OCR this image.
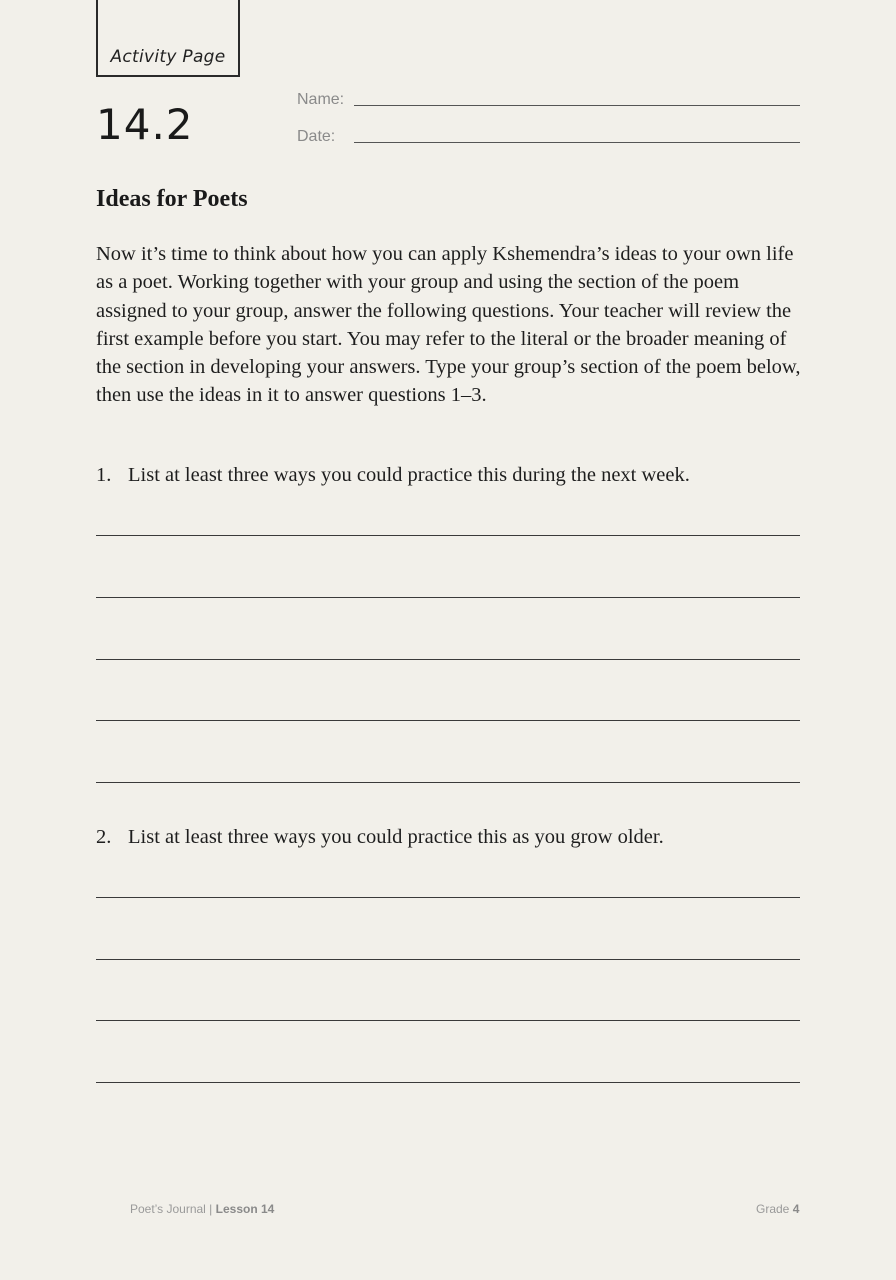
Activity Page
14.2
Name:
Date:
Ideas for Poets

Now it’s time to think about how you can apply Kshemendra’s ideas to your own life as a poet. Working together with your group and using the section of the poem assigned to your group, answer the following questions. Your teacher will review the first example before you start. You may refer to the literal or the broader meaning of the section in developing your answers. Type your group’s section of the poem below, then use the ideas in it to answer questions 1–3.

1. List at least three ways you could practice this during the next week.

2. List at least three ways you could practice this as you grow older.

Poet’s Journal | Lesson 14	Grade 4
